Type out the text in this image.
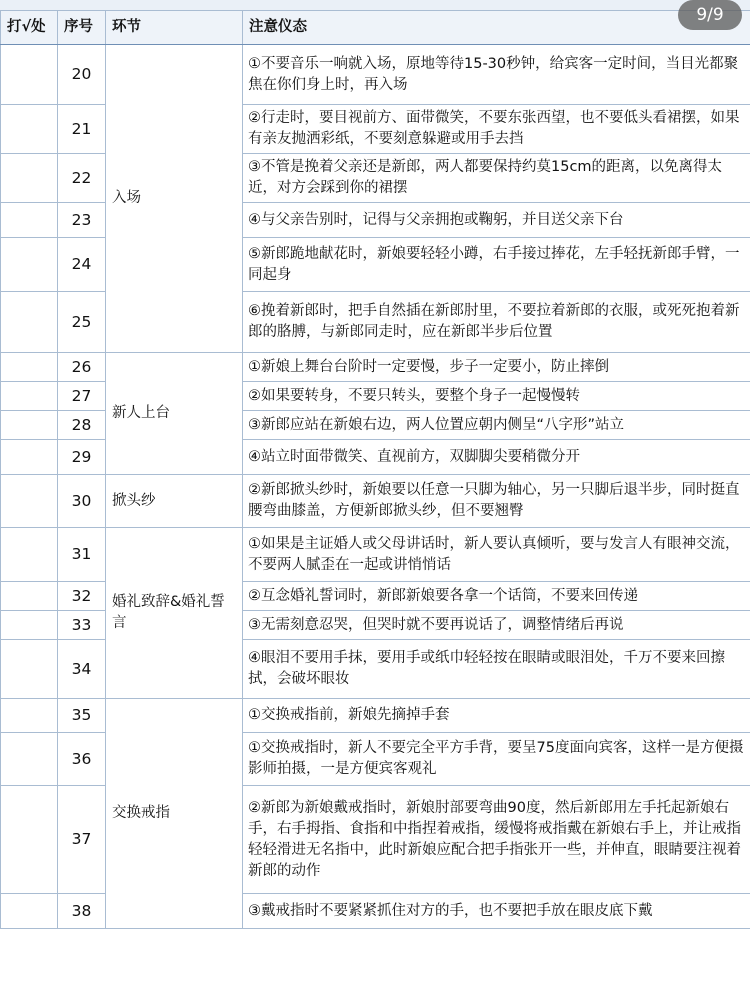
9/9
打√处	序号	环节	注意仪态
	20	入场	①不要音乐一响就入场，原地等待15-30秒钟，给宾客一定时间，当目光都聚焦在你们身上时，再入场
	21		②行走时，要目视前方、面带微笑，不要东张西望，也不要低头看裙摆，如果有亲友抛洒彩纸，不要刻意躲避或用手去挡
	22		③不管是挽着父亲还是新郎，两人都要保持约莫15cm的距离，以免离得太近，对方会踩到你的裙摆
	23		④与父亲告别时，记得与父亲拥抱或鞠躬，并目送父亲下台
	24		⑤新郎跪地献花时，新娘要轻轻小蹲，右手接过捧花，左手轻抚新郎手臂，一同起身
	25		⑥挽着新郎时，把手自然插在新郎肘里，不要拉着新郎的衣服，或死死抱着新郎的胳膊，与新郎同走时，应在新郎半步后位置
	26	新人上台	①新娘上舞台台阶时一定要慢，步子一定要小，防止摔倒
	27		②如果要转身，不要只转头，要整个身子一起慢慢转
	28		③新郎应站在新娘右边，两人位置应朝内侧呈“八字形”站立
	29		④站立时面带微笑、直视前方，双脚脚尖要稍微分开
	30	掀头纱	②新郎掀头纱时，新娘要以任意一只脚为轴心，另一只脚后退半步，同时挺直腰弯曲膝盖，方便新郎掀头纱，但不要翘臀
	31	婚礼致辞&婚礼誓言	①如果是主证婚人或父母讲话时，新人要认真倾听，要与发言人有眼神交流，不要两人腻歪在一起或讲悄悄话
	32		②互念婚礼誓词时，新郎新娘要各拿一个话筒，不要来回传递
	33		③无需刻意忍哭，但哭时就不要再说话了，调整情绪后再说
	34		④眼泪不要用手抹，要用手或纸巾轻轻按在眼睛或眼泪处，千万不要来回擦拭，会破坏眼妆
	35	交换戒指	①交换戒指前，新娘先摘掉手套
	36		①交换戒指时，新人不要完全平方手背，要呈75度面向宾客，这样一是方便摄影师拍摄，一是方便宾客观礼
	37		②新郎为新娘戴戒指时，新娘肘部要弯曲90度，然后新郎用左手托起新娘右手，右手拇指、食指和中指捏着戒指，缓慢将戒指戴在新娘右手上，并让戒指轻轻滑进无名指中，此时新娘应配合把手指张开一些，并伸直，眼睛要注视着新郎的动作
	38		③戴戒指时不要紧紧抓住对方的手，也不要把手放在眼皮底下戴
